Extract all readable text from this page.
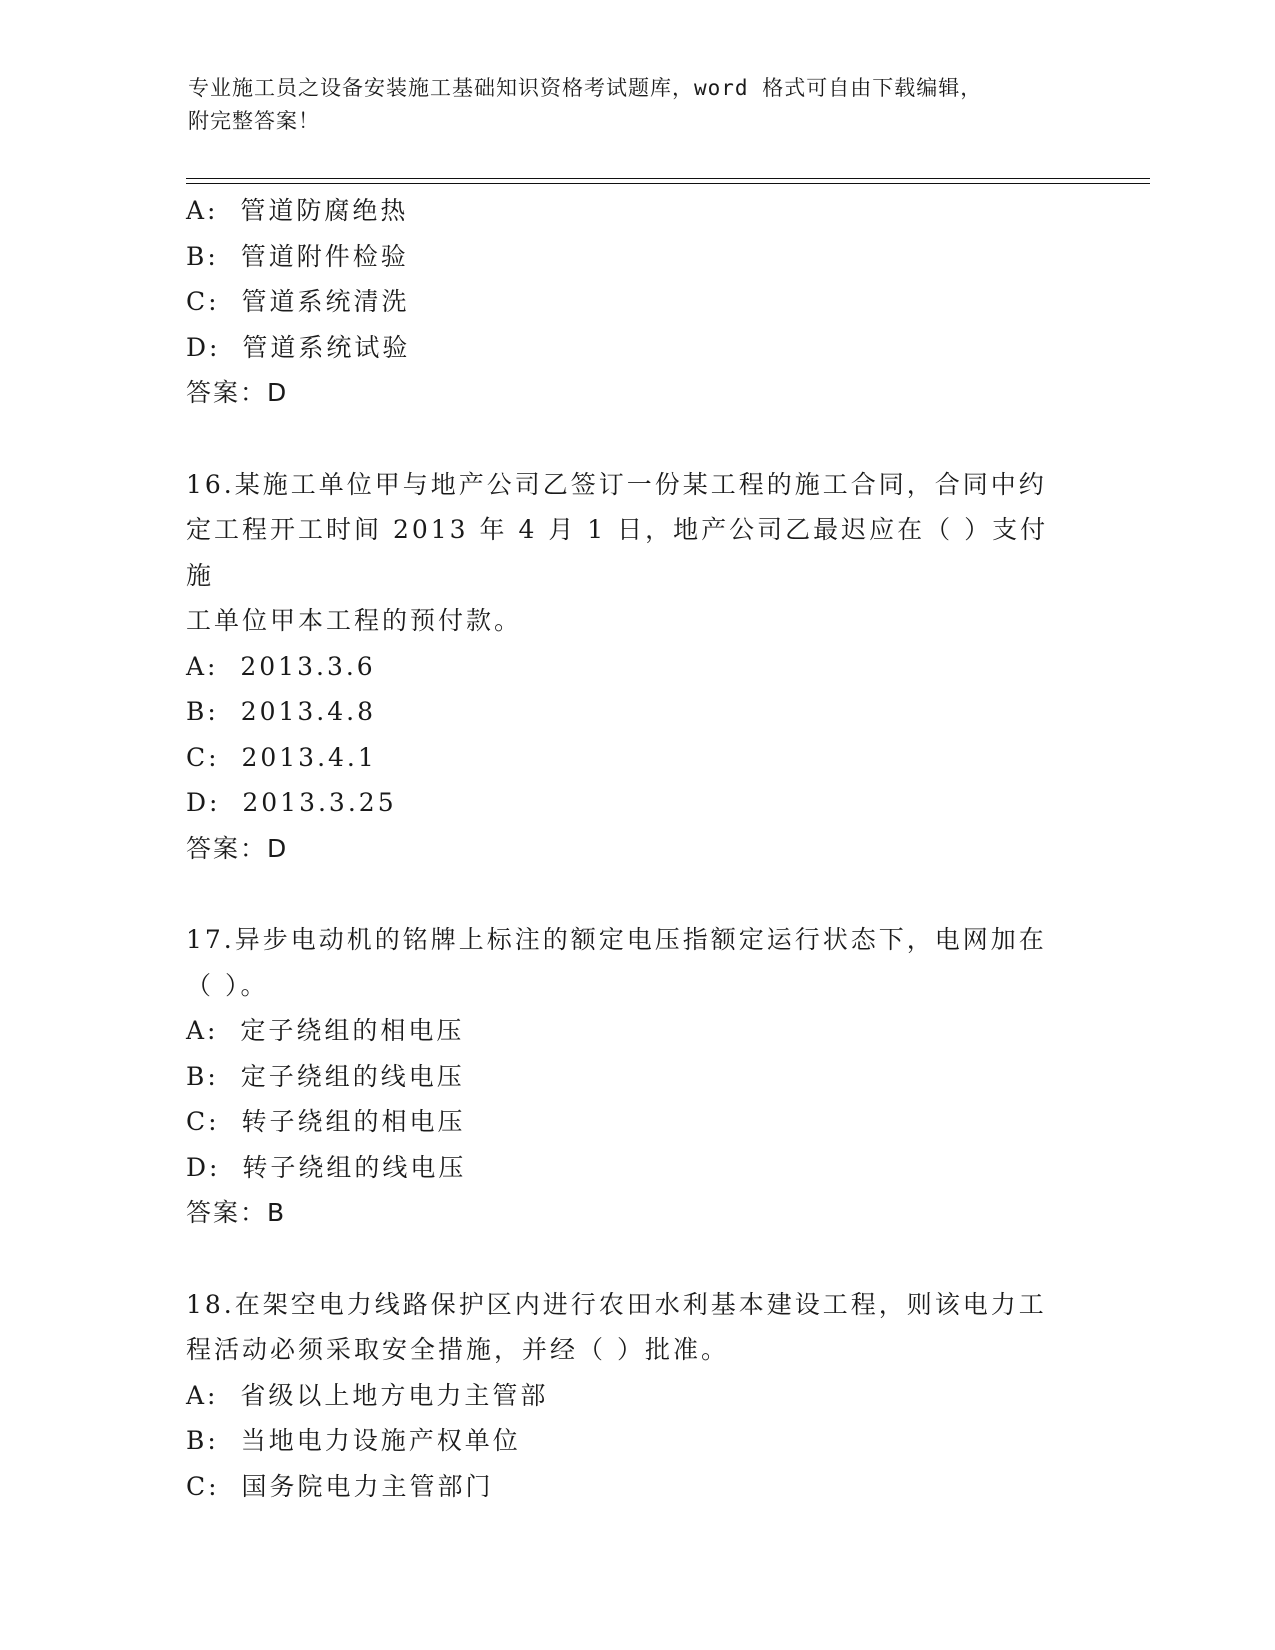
专业施工员之设备安装施工基础知识资格考试题库，word 格式可自由下载编辑，
附完整答案！
A:  管道防腐绝热
B:  管道附件检验
C:  管道系统清洗
D:  管道系统试验
答案：D
16.某施工单位甲与地产公司乙签订一份某工程的施工合同，合同中约
定工程开工时间 2013 年 4 月 1 日，地产公司乙最迟应在（ ）支付施
工单位甲本工程的预付款。
A:  2013.3.6
B:  2013.4.8
C:  2013.4.1
D:  2013.3.25
答案：D
17.异步电动机的铭牌上标注的额定电压指额定运行状态下，电网加在
（ ）。
A:  定子绕组的相电压
B:  定子绕组的线电压
C:  转子绕组的相电压
D:  转子绕组的线电压
答案：B
18.在架空电力线路保护区内进行农田水利基本建设工程，则该电力工
程活动必须采取安全措施，并经（ ）批准。
A:  省级以上地方电力主管部
B:  当地电力设施产权单位
C:  国务院电力主管部门
